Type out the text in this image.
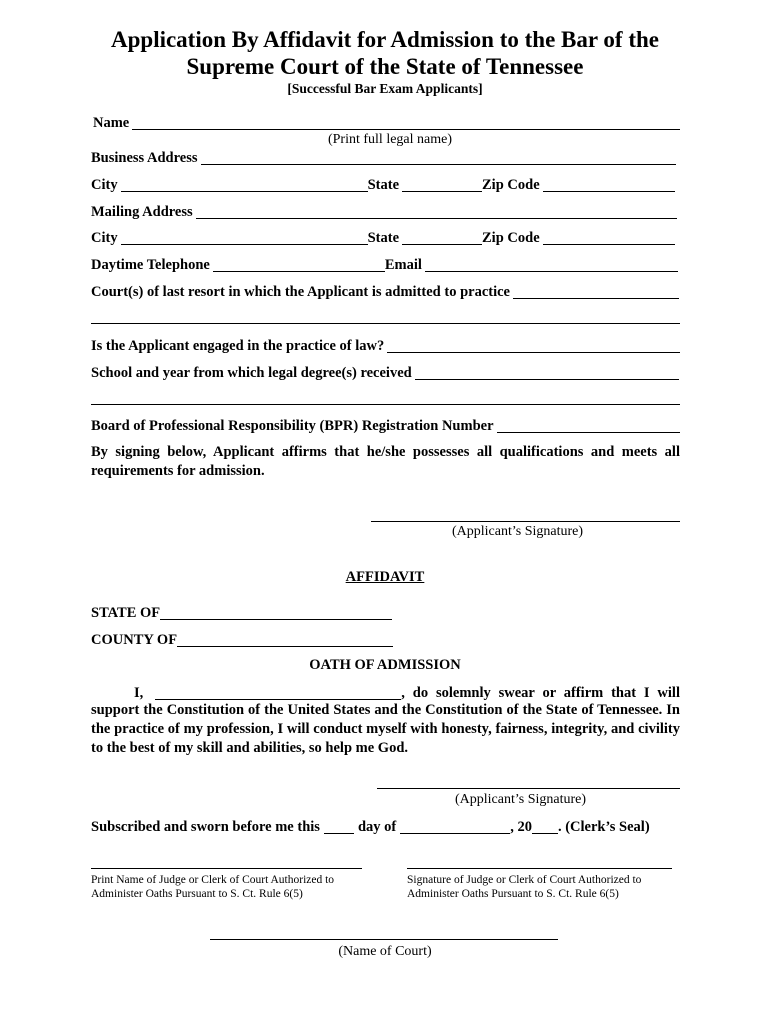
Application By Affidavit for Admission to the Bar of the
Supreme Court of the State of Tennessee
[Successful Bar Exam Applicants]
Name
(Print full legal name)
Business Address
City	State	Zip Code
Mailing Address
City	State	Zip Code
Daytime Telephone	Email
Court(s) of last resort in which the Applicant is admitted to practice
Is the Applicant engaged in the practice of law?
School and year from which legal degree(s) received
Board of Professional Responsibility (BPR) Registration Number
By signing below, Applicant affirms that he/she possesses all qualifications and meets all requirements for admission.
(Applicant’s Signature)
AFFIDAVIT
STATE OF
COUNTY OF
OATH OF ADMISSION
I,	, do solemnly swear or affirm that I will
support the Constitution of the United States and the Constitution of the State of Tennessee. In the practice of my profession, I will conduct myself with honesty, fairness, integrity, and civility to the best of my skill and abilities, so help me God.
(Applicant’s Signature)
Subscribed and sworn before me this	day of	, 20 . (Clerk’s Seal)
Print Name of Judge or Clerk of Court Authorized to Administer Oaths Pursuant to S. Ct. Rule 6(5)
Signature of Judge or Clerk of Court Authorized to Administer Oaths Pursuant to S. Ct. Rule 6(5)
(Name of Court)
